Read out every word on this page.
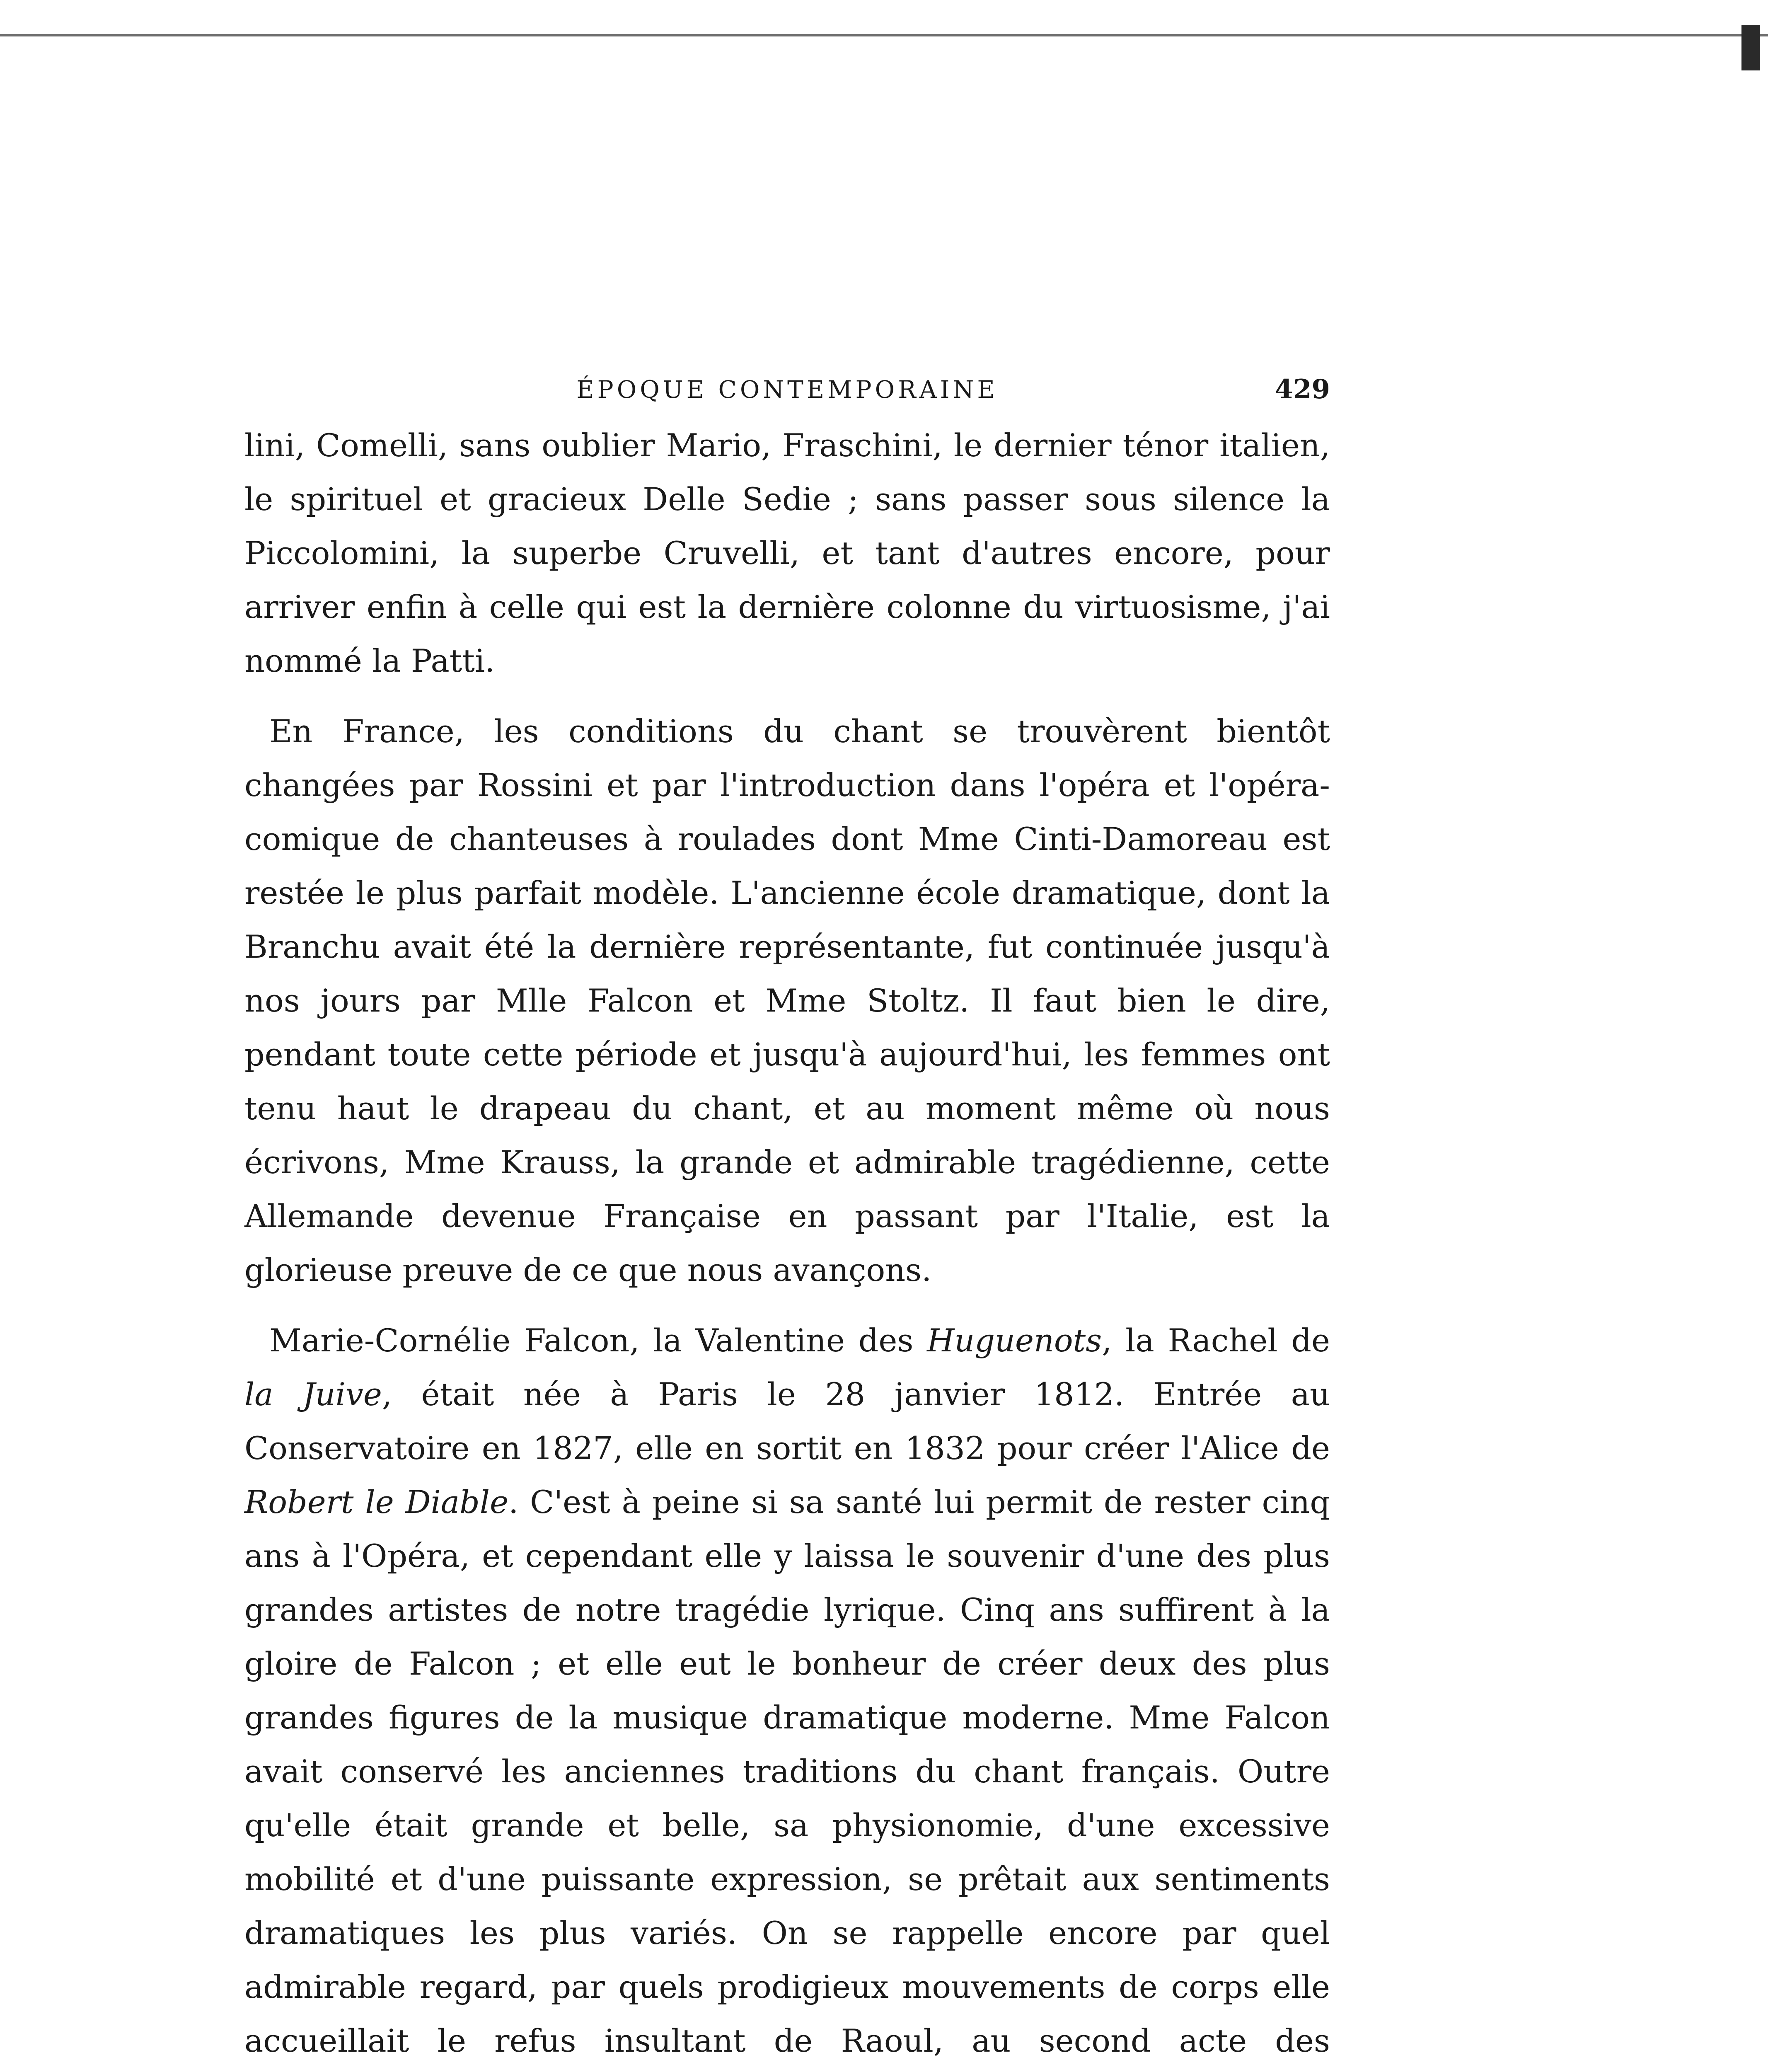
ÉPOQUE CONTEMPORAINE	429

lini, Comelli, sans oublier Mario, Fraschini, le dernier ténor italien, le spirituel et gracieux Delle Sedie ; sans passer sous silence la Piccolomini, la superbe Cruvelli, et tant d'autres encore, pour arriver enfin à celle qui est la dernière colonne du virtuosisme, j'ai nommé la Patti.

En France, les conditions du chant se trouvèrent bientôt changées par Rossini et par l'introduction dans l'opéra et l'opéra-comique de chanteuses à roulades dont Mme Cinti-Damoreau est restée le plus parfait modèle. L'ancienne école dramatique, dont la Branchu avait été la dernière représentante, fut continuée jusqu'à nos jours par Mlle Falcon et Mme Stoltz. Il faut bien le dire, pendant toute cette période et jusqu'à aujourd'hui, les femmes ont tenu haut le drapeau du chant, et au moment même où nous écrivons, Mme Krauss, la grande et admirable tragédienne, cette Allemande devenue Française en passant par l'Italie, est la glorieuse preuve de ce que nous avançons.

Marie-Cornélie Falcon, la Valentine des Huguenots, la Rachel de la Juive, était née à Paris le 28 janvier 1812. Entrée au Conservatoire en 1827, elle en sortit en 1832 pour créer l'Alice de Robert le Diable. C'est à peine si sa santé lui permit de rester cinq ans à l'Opéra, et cependant elle y laissa le souvenir d'une des plus grandes artistes de notre tragédie lyrique. Cinq ans suffirent à la gloire de Falcon ; et elle eut le bonheur de créer deux des plus grandes figures de la musique dramatique moderne. Mme Falcon avait conservé les anciennes traditions du chant français. Outre qu'elle était grande et belle, sa physionomie, d'une excessive mobilité et d'une puissante expression, se prêtait aux sentiments dramatiques les plus variés. On se rappelle encore par quel admirable regard, par quels prodigieux mouvements de corps elle accueillait le refus insultant de Raoul, au second acte des
